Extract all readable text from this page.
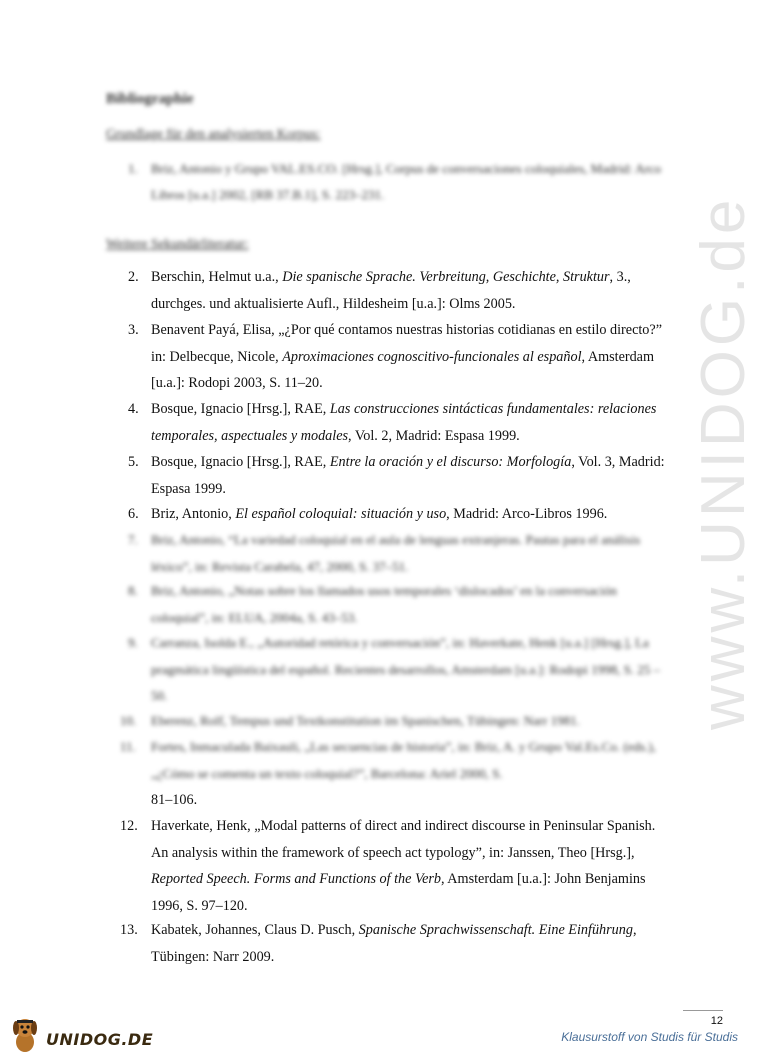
Bibliographie
Grundlage für den analysierten Korpus:
1. Briz, Antonio y Grupo VAL.ES.CO. [Hrsg.], Corpus de conversaciones coloquiales, Madrid: Arco Libros [u.a.] 2002, [RB 37.B.1], S. 223–231.
Weitere Sekundärliteratur:
2. Berschin, Helmut u.a., Die spanische Sprache. Verbreitung, Geschichte, Struktur, 3., durchges. und aktualisierte Aufl., Hildesheim [u.a.]: Olms 2005.
3. Benavent Payá, Elisa, „¿Por qué contamos nuestras historias cotidianas en estilo directo?” in: Delbecque, Nicole, Aproximaciones cognoscitivo-funcionales al español, Amsterdam [u.a.]: Rodopi 2003, S. 11–20.
4. Bosque, Ignacio [Hrsg.], RAE, Las construcciones sintácticas fundamentales: relaciones temporales, aspectuales y modales, Vol. 2, Madrid: Espasa 1999.
5. Bosque, Ignacio [Hrsg.], RAE, Entre la oración y el discurso: Morfología, Vol. 3, Madrid: Espasa 1999.
6. Briz, Antonio, El español coloquial: situación y uso, Madrid: Arco-Libros 1996.
7. Briz, Antonio, “La variedad coloquial en el aula de lenguas extranjeras. Pautas para el análisis léxico”, in: Revista Carabela, 47, 2000, S. 37–51.
8. Briz, Antonio, „Notas sobre los llamados usos temporales ‘dislocados’ en la conversación coloquial”, in: ELUA, 2004a, S. 43–53.
9. Carranza, Isolda E., „Autoridad retórica y conversación”, in: Haverkate, Henk [u.a.] [Hrsg.], La pragmática lingüística del español. Recientes desarrollos, Amsterdam [u.a.]: Rodopi 1998, S. 25 – 50.
10. Eberenz, Rolf, Tempus und Textkonstitution im Spanischen, Tübingen: Narr 1981.
11. Fortes, Inmaculada Baixauli, „Las secuencias de historia”, in: Briz, A. y Grupo Val.Es.Co. (eds.), „¿Cómo se comenta un texto coloquial?”, Barcelona: Ariel 2000, S.
81–106.
12. Haverkate, Henk, „Modal patterns of direct and indirect discourse in Peninsular Spanish. An analysis within the framework of speech act typology”, in: Janssen, Theo [Hrsg.], Reported Speech. Forms and Functions of the Verb, Amsterdam [u.a.]: John Benjamins 1996, S. 97–120.
13. Kabatek, Johannes, Claus D. Pusch, Spanische Sprachwissenschaft. Eine Einführung, Tübingen: Narr 2009.
www.UNIDOG.de
12
UNIDOG.DE	Klausurstoff von Studis für Studis
